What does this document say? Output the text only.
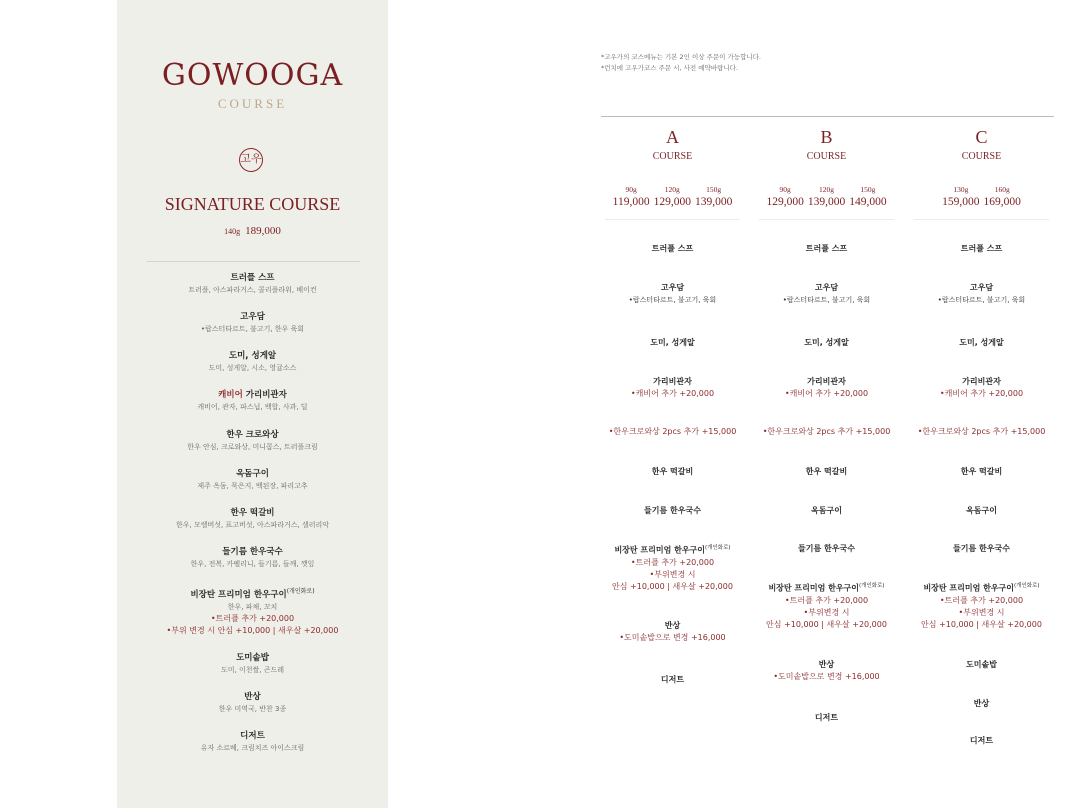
GOWOOGA
COURSE
고우
SIGNATURE COURSE
140g 189,000
트러플 스프
트러플, 아스파라거스, 콜리플라워, 베이컨
고우담
•랍스터타르트, 불고기, 한우 육회
도미, 성게알
도미, 성게알, 시소, 영귤소스
캐비어 가리비관자
캐비어, 관자, 파스닙, 백합, 사과, 딜
한우 크로와상
한우 안심, 크로와상, 미니콥스, 트러플크림
옥돔구이
제주 옥돔, 묵은지, 백된장, 파리고추
한우 떡갈비
한우, 모렐버섯, 표고버섯, 아스파라거스, 샐러리악
들기름 한우국수
한우, 전복, 카펠리니, 들기름, 들깨, 깻잎
비장탄 프리미엄 한우구이$^{(개인화로)}$
한우, 파채, 꼬치
•트러플 추가 +20,000
•부위 변경 시 안심 +10,000 | 새우살 +20,000
도미솥밥
도미, 이천쌀, 곤드레
반상
한우 미역국, 반찬 3종
디저트
유자 소르베, 크림치즈 아이스크림
*고우가의 코스메뉴는 기본 2인 이상 주문이 가능합니다.
*런치에 고우가코스 주문 시, 사전 예약바랍니다.
A
COURSE
90g
119,000
120g
129,000
150g
139,000
트러플 스프
고우담
•랍스터타르트, 불고기, 육회
도미, 성게알
가리비관자
•캐비어 추가 +20,000
•한우크로와상 2pcs 추가 +15,000
한우 떡갈비
들기름 한우국수
비장탄 프리미엄 한우구이$^{(개인화로)}$
•트러플 추가 +20,000
•부위변경 시
안심 +10,000 | 새우살 +20,000
반상
•도미솥밥으로 변경 +16,000
디저트
B
COURSE
90g
129,000
120g
139,000
150g
149,000
트러플 스프
고우담
•랍스터타르트, 불고기, 육회
도미, 성게알
가리비관자
•캐비어 추가 +20,000
•한우크로와상 2pcs 추가 +15,000
한우 떡갈비
옥돔구이
들기름 한우국수
비장탄 프리미엄 한우구이$^{(개인화로)}$
•트러플 추가 +20,000
•부위변경 시
안심 +10,000 | 새우살 +20,000
반상
•도미솥밥으로 변경 +16,000
디저트
C
COURSE
130g
159,000
160g
169,000
트러플 스프
고우담
•랍스터타르트, 불고기, 육회
도미, 성게알
가리비관자
•캐비어 추가 +20,000
•한우크로와상 2pcs 추가 +15,000
한우 떡갈비
옥돔구이
들기름 한우국수
비장탄 프리미엄 한우구이$^{(개인화로)}$
•트러플 추가 +20,000
•부위변경 시
안심 +10,000 | 새우살 +20,000
도미솥밥
반상
디저트
